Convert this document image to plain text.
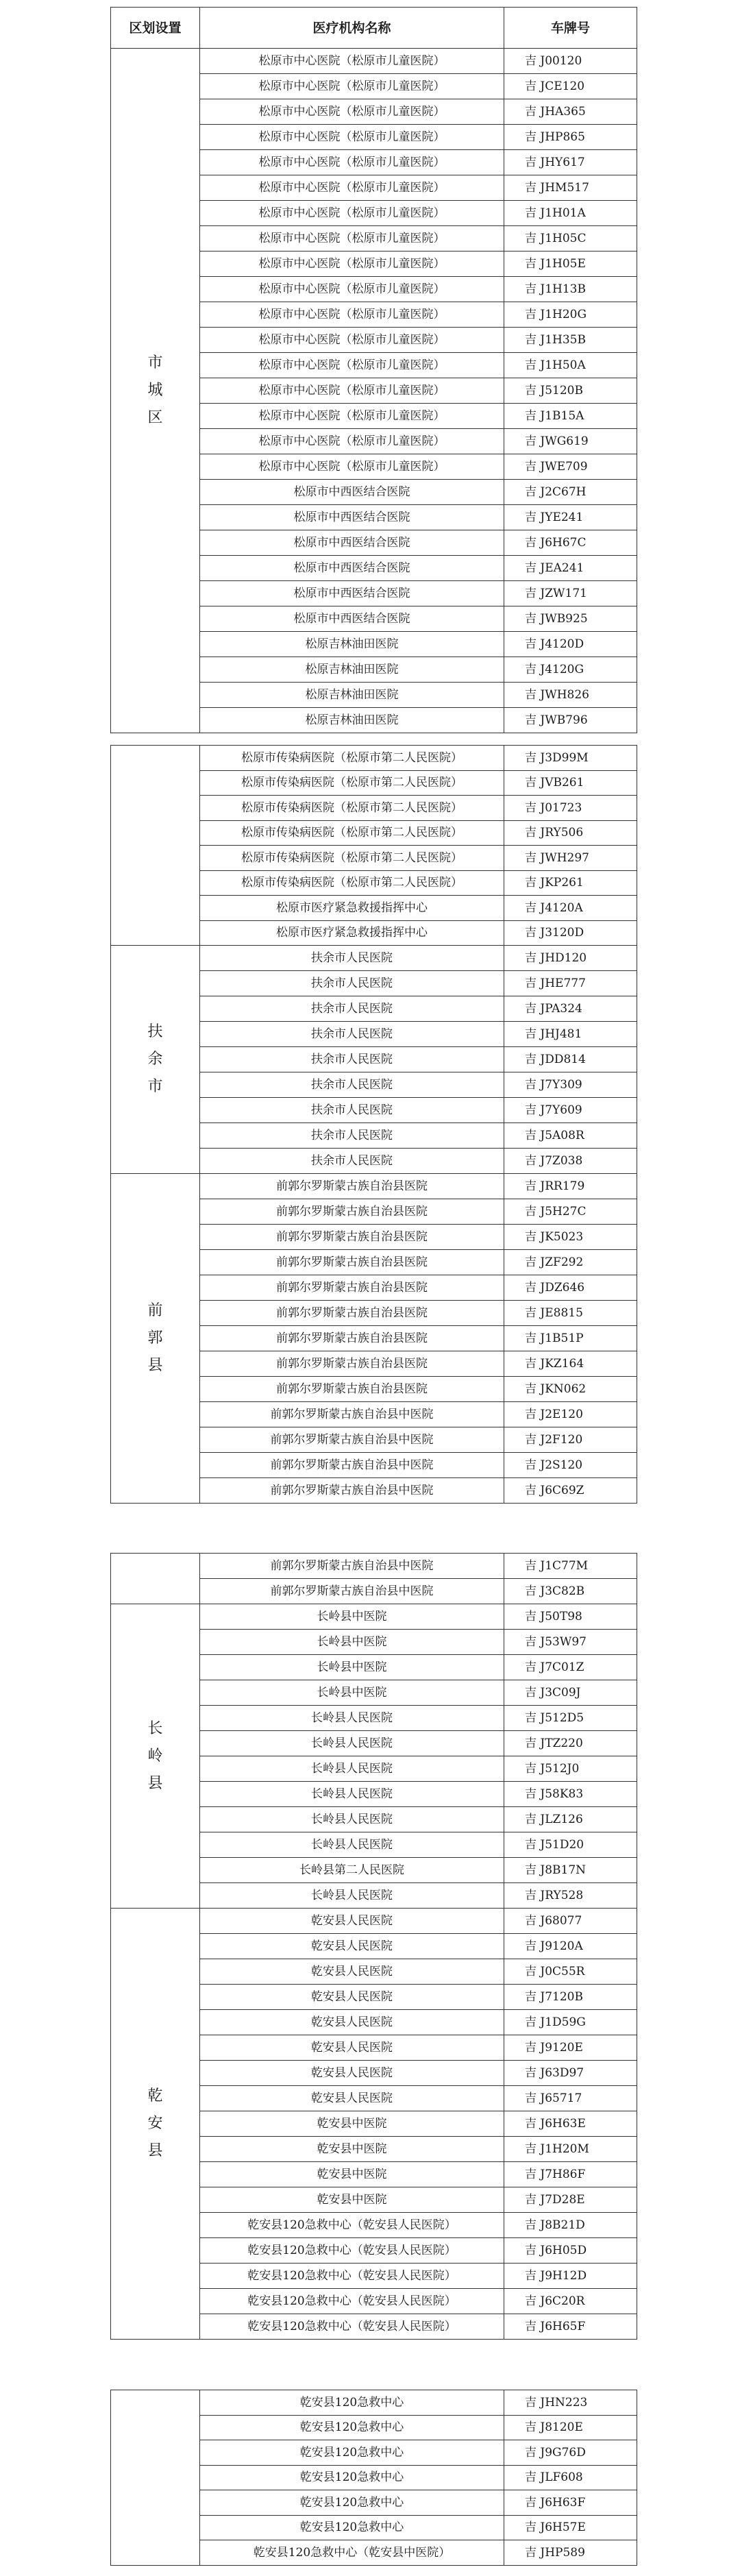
区划设置	医疗机构名称	车牌号
市城区	松原市中心医院（松原市儿童医院）	吉 J00120
	松原市中心医院（松原市儿童医院）	吉 JCE120
	松原市中心医院（松原市儿童医院）	吉 JHA365
	松原市中心医院（松原市儿童医院）	吉 JHP865
	松原市中心医院（松原市儿童医院）	吉 JHY617
	松原市中心医院（松原市儿童医院）	吉 JHM517
	松原市中心医院（松原市儿童医院）	吉 J1H01A
	松原市中心医院（松原市儿童医院）	吉 J1H05C
	松原市中心医院（松原市儿童医院）	吉 J1H05E
	松原市中心医院（松原市儿童医院）	吉 J1H13B
	松原市中心医院（松原市儿童医院）	吉 J1H20G
	松原市中心医院（松原市儿童医院）	吉 J1H35B
	松原市中心医院（松原市儿童医院）	吉 J1H50A
	松原市中心医院（松原市儿童医院）	吉 J5120B
	松原市中心医院（松原市儿童医院）	吉 J1B15A
	松原市中心医院（松原市儿童医院）	吉 JWG619
	松原市中心医院（松原市儿童医院）	吉 JWE709
	松原市中西医结合医院	吉 J2C67H
	松原市中西医结合医院	吉 JYE241
	松原市中西医结合医院	吉 J6H67C
	松原市中西医结合医院	吉 JEA241
	松原市中西医结合医院	吉 JZW171
	松原市中西医结合医院	吉 JWB925
	松原吉林油田医院	吉 J4120D
	松原吉林油田医院	吉 J4120G
	松原吉林油田医院	吉 JWH826
	松原吉林油田医院	吉 JWB796
	松原市传染病医院（松原市第二人民医院）	吉 J3D99M
	松原市传染病医院（松原市第二人民医院）	吉 JVB261
	松原市传染病医院（松原市第二人民医院）	吉 J01723
	松原市传染病医院（松原市第二人民医院）	吉 JRY506
	松原市传染病医院（松原市第二人民医院）	吉 JWH297
	松原市传染病医院（松原市第二人民医院）	吉 JKP261
	松原市医疗紧急救援指挥中心	吉 J4120A
	松原市医疗紧急救援指挥中心	吉 J3120D
扶余市	扶余市人民医院	吉 JHD120
	扶余市人民医院	吉 JHE777
	扶余市人民医院	吉 JPA324
	扶余市人民医院	吉 JHJ481
	扶余市人民医院	吉 JDD814
	扶余市人民医院	吉 J7Y309
	扶余市人民医院	吉 J7Y609
	扶余市人民医院	吉 J5A08R
	扶余市人民医院	吉 J7Z038
前郭县	前郭尔罗斯蒙古族自治县医院	吉 JRR179
	前郭尔罗斯蒙古族自治县医院	吉 J5H27C
	前郭尔罗斯蒙古族自治县医院	吉 JK5023
	前郭尔罗斯蒙古族自治县医院	吉 JZF292
	前郭尔罗斯蒙古族自治县医院	吉 JDZ646
	前郭尔罗斯蒙古族自治县医院	吉 JE8815
	前郭尔罗斯蒙古族自治县医院	吉 J1B51P
	前郭尔罗斯蒙古族自治县医院	吉 JKZ164
	前郭尔罗斯蒙古族自治县医院	吉 JKN062
	前郭尔罗斯蒙古族自治县中医院	吉 J2E120
	前郭尔罗斯蒙古族自治县中医院	吉 J2F120
	前郭尔罗斯蒙古族自治县中医院	吉 J2S120
	前郭尔罗斯蒙古族自治县中医院	吉 J6C69Z
	前郭尔罗斯蒙古族自治县中医院	吉 J1C77M
	前郭尔罗斯蒙古族自治县中医院	吉 J3C82B
长岭县	长岭县中医院	吉 J50T98
	长岭县中医院	吉 J53W97
	长岭县中医院	吉 J7C01Z
	长岭县中医院	吉 J3C09J
	长岭县人民医院	吉 J512D5
	长岭县人民医院	吉 JTZ220
	长岭县人民医院	吉 J512J0
	长岭县人民医院	吉 J58K83
	长岭县人民医院	吉 JLZ126
	长岭县人民医院	吉 J51D20
	长岭县第二人民医院	吉 J8B17N
	长岭县人民医院	吉 JRY528
乾安县	乾安县人民医院	吉 J68077
	乾安县人民医院	吉 J9120A
	乾安县人民医院	吉 J0C55R
	乾安县人民医院	吉 J7120B
	乾安县人民医院	吉 J1D59G
	乾安县人民医院	吉 J9120E
	乾安县人民医院	吉 J63D97
	乾安县人民医院	吉 J65717
	乾安县中医院	吉 J6H63E
	乾安县中医院	吉 J1H20M
	乾安县中医院	吉 J7H86F
	乾安县中医院	吉 J7D28E
	乾安县120急救中心（乾安县人民医院）	吉 J8B21D
	乾安县120急救中心（乾安县人民医院）	吉 J6H05D
	乾安县120急救中心（乾安县人民医院）	吉 J9H12D
	乾安县120急救中心（乾安县人民医院）	吉 J6C20R
	乾安县120急救中心（乾安县人民医院）	吉 J6H65F
	乾安县120急救中心	吉 JHN223
	乾安县120急救中心	吉 J8120E
	乾安县120急救中心	吉 J9G76D
	乾安县120急救中心	吉 JLF608
	乾安县120急救中心	吉 J6H63F
	乾安县120急救中心	吉 J6H57E
	乾安县120急救中心（乾安县中医院）	吉 JHP589
